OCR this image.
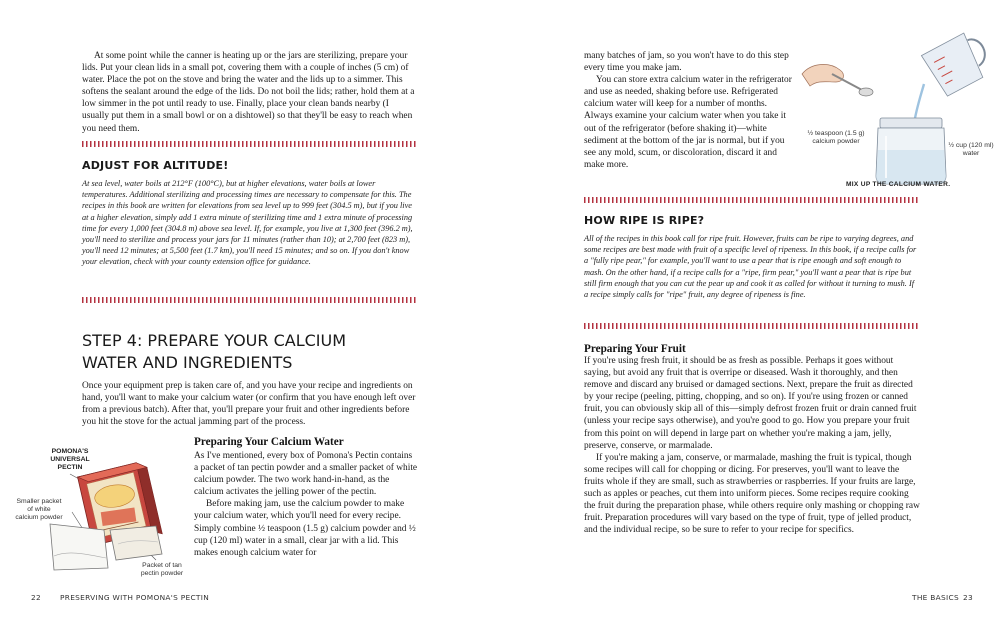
At some point while the canner is heating up or the jars are sterilizing, prepare your lids. Put your clean lids in a small pot, covering them with a couple of inches (5 cm) of water. Place the pot on the stove and bring the water and the lids up to a simmer. This softens the sealant around the edge of the lids. Do not boil the lids; rather, hold them at a low simmer in the pot until ready to use. Finally, place your clean bands nearby (I usually put them in a small bowl or on a dishtowel) so that they'll be easy to reach when you need them.

ADJUST FOR ALTITUDE!
At sea level, water boils at 212°F (100°C), but at higher elevations, water boils at lower temperatures. Additional sterilizing and processing times are necessary to compensate for this. The recipes in this book are written for elevations from sea level up to 999 feet (304.5 m), but if you live at a higher elevation, simply add 1 extra minute of sterilizing time and 1 extra minute of processing time for every 1,000 feet (304.8 m) above sea level. If, for example, you live at 1,300 feet (396.2 m), you'll need to sterilize and process your jars for 11 minutes (rather than 10); at 2,700 feet (823 m), you'll need 12 minutes; at 5,500 feet (1.7 km), you'll need 15 minutes; and so on. If you don't know your elevation, check with your county extension office for guidance.
STEP 4: PREPARE YOUR CALCIUM
WATER AND INGREDIENTS
Once your equipment prep is taken care of, and you have your recipe and ingredients on hand, you'll want to make your calcium water (or confirm that you have enough left over from a previous batch). After that, you'll prepare your fruit and other ingredients before you hit the stove for the actual jamming part of the process.
Preparing Your Calcium Water
As I've mentioned, every box of Pomona's Pectin contains a packet of tan pectin powder and a smaller packet of white calcium powder. The two work hand-in-hand, as the calcium activates the jelling power of the pectin.
Before making jam, use the calcium powder to make your calcium water, which you'll need for every recipe. Simply combine ½ teaspoon (1.5 g) calcium powder and ½ cup (120 ml) water in a small, clear jar with a lid. This makes enough calcium water for
POMONA'S
UNIVERSAL
PECTIN
Smaller packet
of white
calcium powder
Packet of tan
pectin powder
22	PRESERVING WITH POMONA'S PECTIN
many batches of jam, so you won't have to do this step every time you make jam.
You can store extra calcium water in the refrigerator and use as needed, shaking before use. Refrigerated calcium water will keep for a number of months. Always examine your calcium water when you take it out of the refrigerator (before shaking it)—white sediment at the bottom of the jar is normal, but if you see any mold, scum, or discoloration, discard it and make more.
½ teaspoon (1.5 g)
calcium powder
½ cup (120 ml)
water
MIX UP THE CALCIUM WATER.
HOW RIPE IS RIPE?
All of the recipes in this book call for ripe fruit. However, fruits can be ripe to varying degrees, and some recipes are best made with fruit of a specific level of ripeness. In this book, if a recipe calls for a "fully ripe pear," for example, you'll want to use a pear that is ripe enough and soft enough to mash. On the other hand, if a recipe calls for a "ripe, firm pear," you'll want a pear that is ripe but still firm enough that you can cut the pear up and cook it as called for without it turning to mush. If a recipe simply calls for "ripe" fruit, any degree of ripeness is fine.
Preparing Your Fruit
If you're using fresh fruit, it should be as fresh as possible. Perhaps it goes without saying, but avoid any fruit that is overripe or diseased. Wash it thoroughly, and then remove and discard any bruised or damaged sections. Next, prepare the fruit as directed by your recipe (peeling, pitting, chopping, and so on). If you're using frozen or canned fruit, you can obviously skip all of this—simply defrost frozen fruit or drain canned fruit (unless your recipe says otherwise), and you're good to go. How you prepare your fruit from this point on will depend in large part on whether you're making a jam, jelly, preserve, conserve, or marmalade.
If you're making a jam, conserve, or marmalade, mashing the fruit is typical, though some recipes will call for chopping or dicing. For preserves, you'll want to leave the fruits whole if they are small, such as strawberries or raspberries. If your fruits are large, such as apples or peaches, cut them into uniform pieces. Some recipes require cooking the fruit during the preparation phase, while others require only mashing or chopping raw fruit. Preparation procedures will vary based on the type of fruit, type of jelled product, and the individual recipe, so be sure to refer to your recipe for specifics.
THE BASICS 23
